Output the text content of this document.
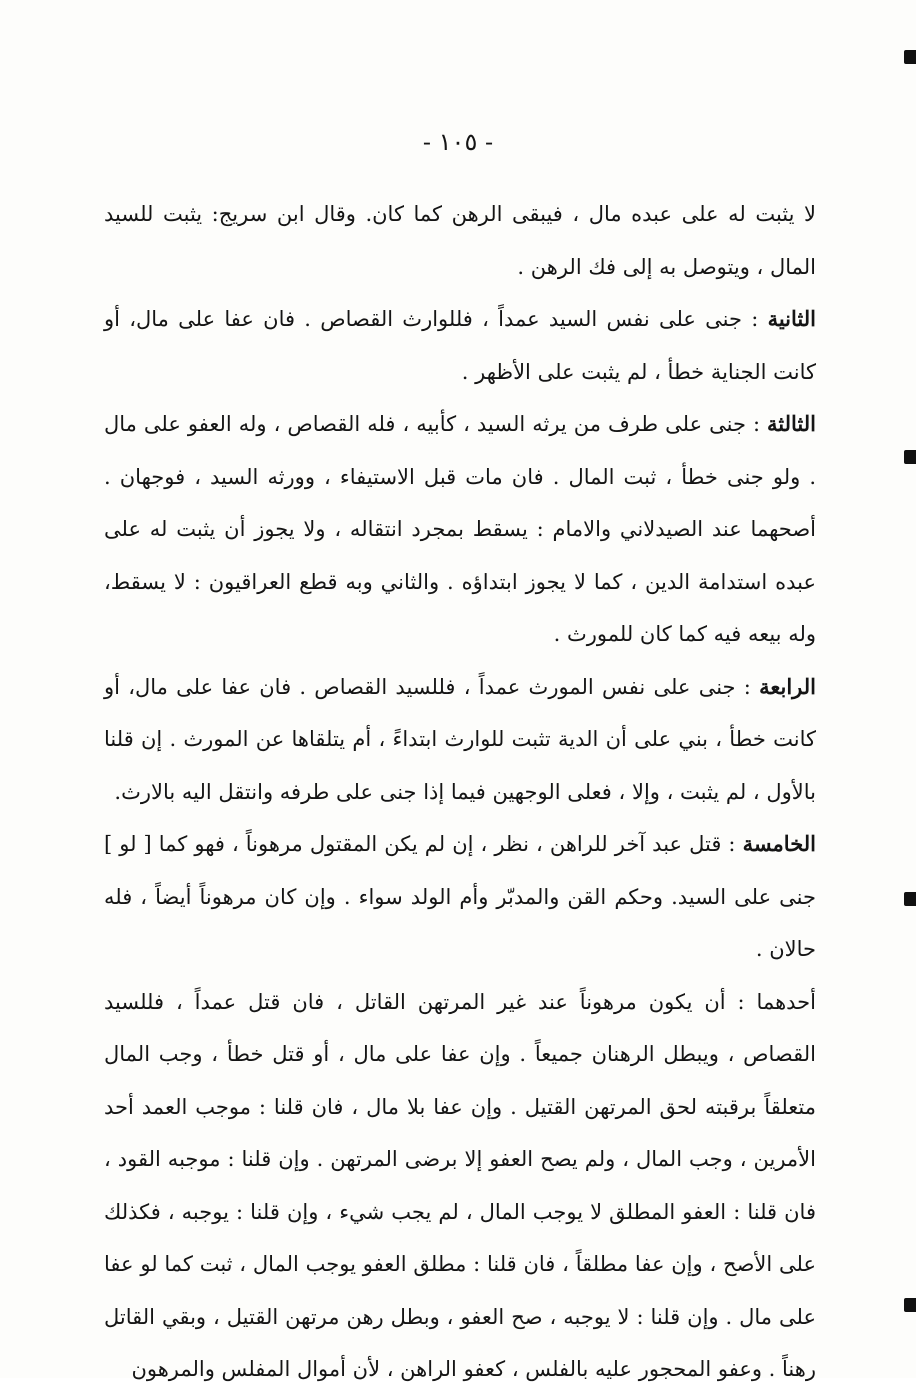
- ١٠٥ -

لا يثبت له على عبده مال ، فيبقى الرهن كما كان. وقال ابن سريج: يثبت للسيد المال ، ويتوصل به إلى فك الرهن .

الثانية : جنى على نفس السيد عمداً ، فللوارث القصاص . فان عفا على مال، أو كانت الجناية خطأ ، لم يثبت على الأظهر .

الثالثة : جنى على طرف من يرثه السيد ، كأبيه ، فله القصاص ، وله العفو على مال . ولو جنى خطأ ، ثبت المال . فان مات قبل الاستيفاء ، وورثه السيد ، فوجهان . أصحهما عند الصيدلاني والامام : يسقط بمجرد انتقاله ، ولا يجوز أن يثبت له على عبده استدامة الدين ، كما لا يجوز ابتداؤه . والثاني وبه قطع العراقيون : لا يسقط، وله بيعه فيه كما كان للمورث .

الرابعة : جنى على نفس المورث عمداً ، فللسيد القصاص . فان عفا على مال، أو كانت خطأ ، بني على أن الدية تثبت للوارث ابتداءً ، أم يتلقاها عن المورث . إن قلنا بالأول ، لم يثبت ، وإلا ، فعلى الوجهين فيما إذا جنى على طرفه وانتقل اليه بالارث.

الخامسة : قتل عبد آخر للراهن ، نظر ، إن لم يكن المقتول مرهوناً ، فهو كما [ لو ] جنى على السيد. وحكم القن والمدبّر وأم الولد سواء . وإن كان مرهوناً أيضاً ، فله حالان .

أحدهما : أن يكون مرهوناً عند غير المرتهن القاتل ، فان قتل عمداً ، فللسيد القصاص ، ويبطل الرهنان جميعاً . وإن عفا على مال ، أو قتل خطأ ، وجب المال متعلقاً برقبته لحق المرتهن القتيل . وإن عفا بلا مال ، فان قلنا : موجب العمد أحد الأمرين ، وجب المال ، ولم يصح العفو إلا برضى المرتهن . وإن قلنا : موجبه القود ، فان قلنا : العفو المطلق لا يوجب المال ، لم يجب شيء ، وإن قلنا : يوجبه ، فكذلك على الأصح ، وإن عفا مطلقاً ، فان قلنا : مطلق العفو يوجب المال ، ثبت كما لو عفا على مال . وإن قلنا : لا يوجبه ، صح العفو ، وبطل رهن مرتهن القتيل ، وبقي القاتل رهناً . وعفو المحجور عليه بالفلس ، كعفو الراهن ، لأن أموال المفلس والمرهون
